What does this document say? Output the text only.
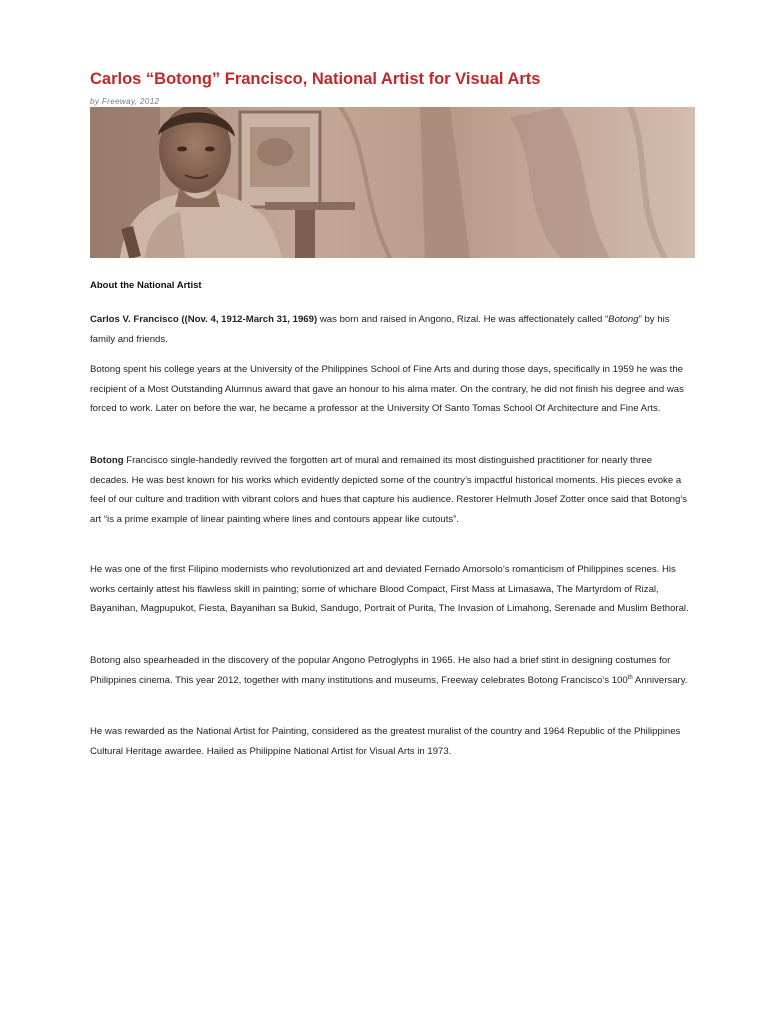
Carlos “Botong” Francisco, National Artist for Visual Arts
by Freeway, 2012
About the National Artist

Carlos V. Francisco ((Nov. 4, 1912-March 31, 1969) was born and raised in Angono, Rizal. He was affectionately called “Botong” by his family and friends.

Botong spent his college years at the University of the Philippines School of Fine Arts and during those days, specifically in 1959 he was the recipient of a Most Outstanding Alumnus award that gave an honour to his alma mater. On the contrary, he did not finish his degree and was forced to work. Later on before the war, he became a professor at the University Of Santo Tomas School Of Architecture and Fine Arts.

Botong Francisco single-handedly revived the forgotten art of mural and remained its most distinguished practitioner for nearly three decades. He was best known for his works which evidently depicted some of the country’s impactful historical moments. His pieces evoke a feel of our culture and tradition with vibrant colors and hues that capture his audience. Restorer Helmuth Josef Zotter once said that Botong’s art “is a prime example of linear painting where lines and contours appear like cutouts”.

He was one of the first Filipino modernists who revolutionized art and deviated Fernado Amorsolo’s romanticism of Philippines scenes. His works certainly attest his flawless skill in painting; some of whichare Blood Compact, First Mass at Limasawa, The Martyrdom of Rizal, Bayanihan, Magpupukot, Fiesta, Bayanihan sa Bukid, Sandugo, Portrait of Purita, The Invasion of Limahong, Serenade and Muslim Bethoral.

Botong also spearheaded in the discovery of the popular Angono Petroglyphs in 1965. He also had a brief stint in designing costumes for Philippines cinema. This year 2012, together with many institutions and museums, Freeway celebrates Botong Francisco’s 100th Anniversary.

He was rewarded as the National Artist for Painting, considered as the greatest muralist of the country and 1964 Republic of the Philippines Cultural Heritage awardee. Hailed as Philippine National Artist for Visual Arts in 1973.
